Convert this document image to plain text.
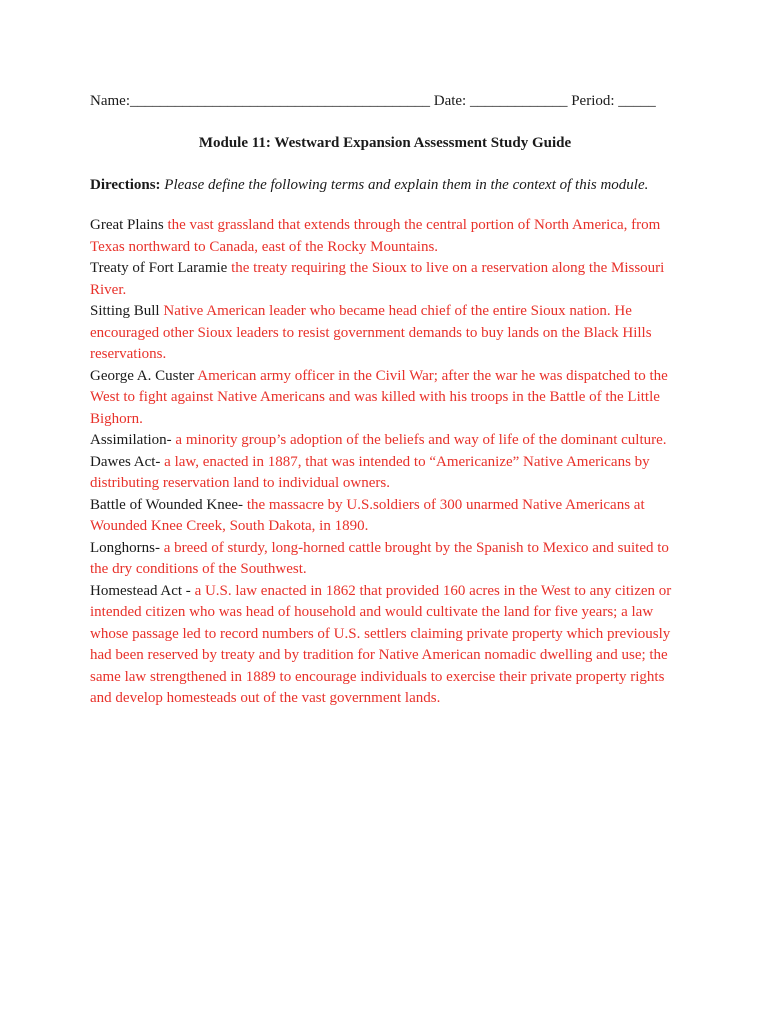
Name:________________________________________ Date: _____________ Period: _____
Module 11: Westward Expansion Assessment Study Guide
Directions: Please define the following terms and explain them in the context of this module.

Great Plains the vast grassland that extends through the central portion of North America, from Texas northward to Canada, east of the Rocky Mountains.

Treaty of Fort Laramie the treaty requiring the Sioux to live on a reservation along the Missouri River.

Sitting Bull Native American leader who became head chief of the entire Sioux nation. He encouraged other Sioux leaders to resist government demands to buy lands on the Black Hills reservations.

George A. Custer American army officer in the Civil War; after the war he was dispatched to the West to fight against Native Americans and was killed with his troops in the Battle of the Little Bighorn.

Assimilation- a minority group’s adoption of the beliefs and way of life of the dominant culture.

Dawes Act- a law, enacted in 1887, that was intended to “Americanize” Native Americans by distributing reservation land to individual owners.

Battle of Wounded Knee- the massacre by U.S.soldiers of 300 unarmed Native Americans at Wounded Knee Creek, South Dakota, in 1890.

Longhorns- a breed of sturdy, long-horned cattle brought by the Spanish to Mexico and suited to the dry conditions of the Southwest.

Homestead Act - a U.S. law enacted in 1862 that provided 160 acres in the West to any citizen or intended citizen who was head of household and would cultivate the land for five years; a law whose passage led to record numbers of U.S. settlers claiming private property which previously had been reserved by treaty and by tradition for Native American nomadic dwelling and use; the same law strengthened in 1889 to encourage individuals to exercise their private property rights and develop homesteads out of the vast government lands.
